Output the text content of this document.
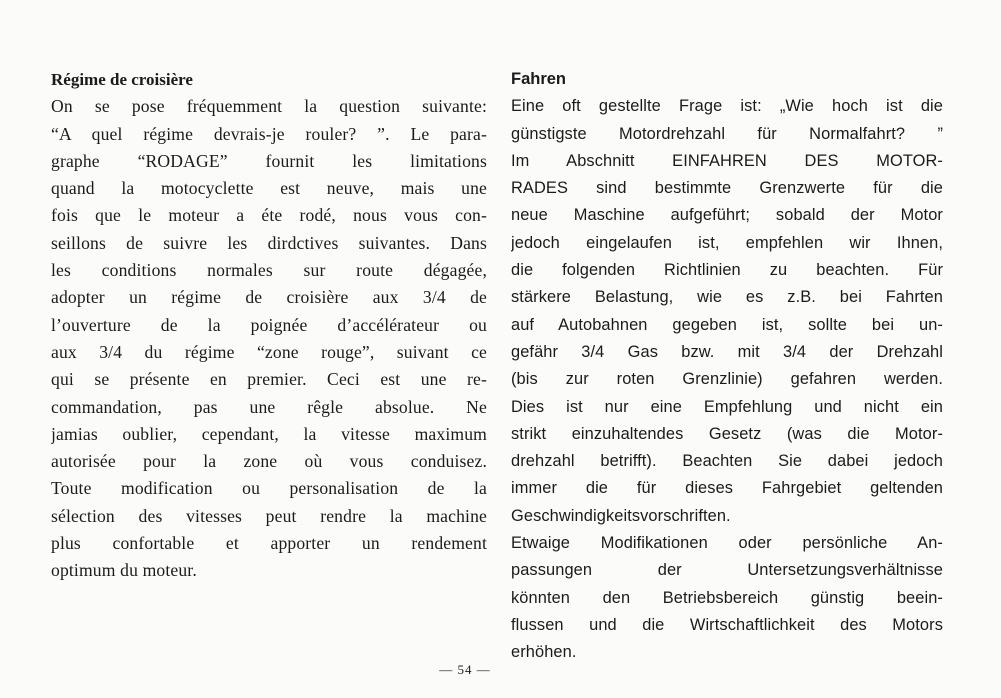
Régime de croisière
On se pose fréquemment la question suivante:
“A quel régime devrais-je rouler? ”. Le para-
graphe “RODAGE” fournit les limitations
quand la motocyclette est neuve, mais une
fois que le moteur a éte rodé, nous vous con-
seillons de suivre les dirdctives suivantes. Dans
les conditions normales sur route dégagée,
adopter un régime de croisière aux 3/4 de
l’ouverture de la poignée d’accélérateur ou
aux 3/4 du régime “zone rouge”, suivant ce
qui se présente en premier. Ceci est une re-
commandation, pas une rêgle absolue. Ne
jamias oublier, cependant, la vitesse maximum
autorisée pour la zone où vous conduisez.
Toute modification ou personalisation de la
sélection des vitesses peut rendre la machine
plus confortable et apporter un rendement
optimum du moteur.
Fahren
Eine oft gestellte Frage ist: „Wie hoch ist die
günstigste Motordrehzahl für Normalfahrt? ”
Im Abschnitt EINFAHREN DES MOTOR-
RADES sind bestimmte Grenzwerte für die
neue Maschine aufgeführt; sobald der Motor
jedoch eingelaufen ist, empfehlen wir Ihnen,
die folgenden Richtlinien zu beachten. Für
stärkere Belastung, wie es z.B. bei Fahrten
auf Autobahnen gegeben ist, sollte bei un-
gefähr 3/4 Gas bzw. mit 3/4 der Drehzahl
(bis zur roten Grenzlinie) gefahren werden.
Dies ist nur eine Empfehlung und nicht ein
strikt einzuhaltendes Gesetz (was die Motor-
drehzahl betrifft). Beachten Sie dabei jedoch
immer die für dieses Fahrgebiet geltenden
Geschwindigkeitsvorschriften.
Etwaige Modifikationen oder persönliche An-
passungen der Untersetzungsverhältnisse
könnten den Betriebsbereich günstig beein-
flussen und die Wirtschaftlichkeit des Motors
erhöhen.
— 54 —
